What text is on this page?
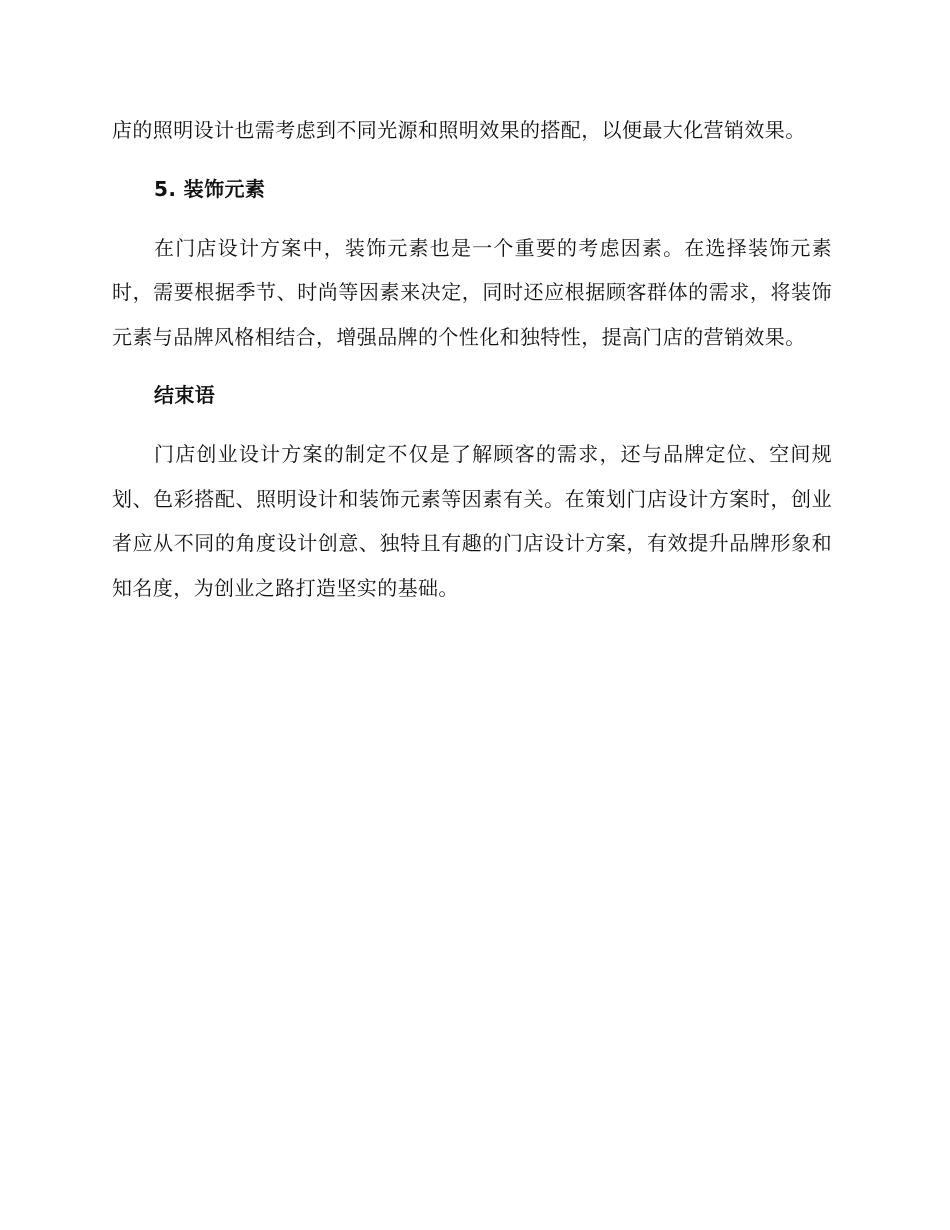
店的照明设计也需考虑到不同光源和照明效果的搭配，以便最大化营销效果。

5. 装饰元素

在门店设计方案中，装饰元素也是一个重要的考虑因素。在选择装饰元素时，需要根据季节、时尚等因素来决定，同时还应根据顾客群体的需求，将装饰元素与品牌风格相结合，增强品牌的个性化和独特性，提高门店的营销效果。

结束语

门店创业设计方案的制定不仅是了解顾客的需求，还与品牌定位、空间规划、色彩搭配、照明设计和装饰元素等因素有关。在策划门店设计方案时，创业者应从不同的角度设计创意、独特且有趣的门店设计方案，有效提升品牌形象和知名度，为创业之路打造坚实的基础。
